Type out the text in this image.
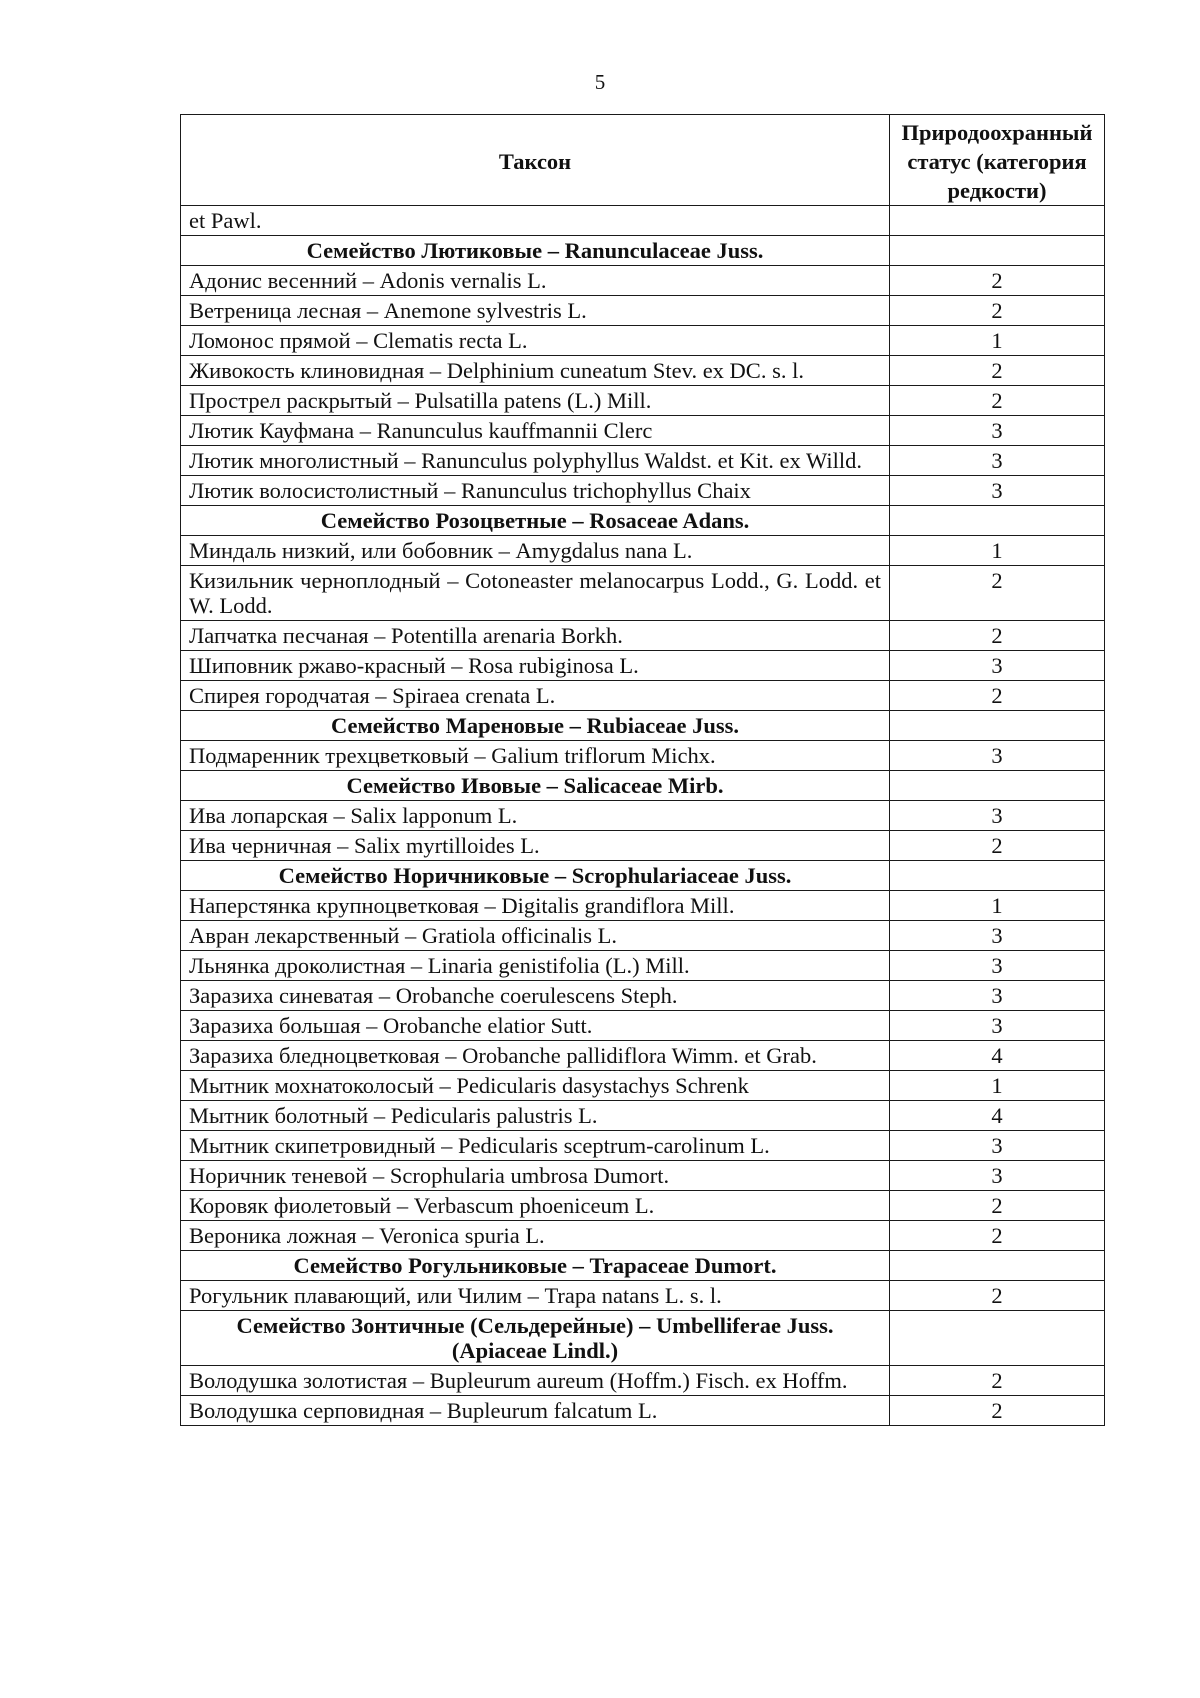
5
Таксон	Природоохранный статус (категория редкости)
et Pawl.	
Семейство Лютиковые – Ranunculaceae Juss.	
Адонис весенний – Adonis vernalis L.	2
Ветреница лесная – Anemone sylvestris L.	2
Ломонос прямой – Clematis recta L.	1
Живокость клиновидная – Delphinium cuneatum Stev. ex DC. s. l.	2
Прострел раскрытый – Pulsatilla patens (L.) Mill.	2
Лютик Кауфмана – Ranunculus kauffmannii Clerc	3
Лютик многолистный – Ranunculus polyphyllus Waldst. et Kit. ex Willd.	3
Лютик волосистолистный – Ranunculus trichophyllus Chaix	3
Семейство Розоцветные – Rosaceae Adans.	
Миндаль низкий, или бобовник – Amygdalus nana L.	1
Кизильник черноплодный – Cotoneaster melanocarpus Lodd., G. Lodd. et W. Lodd.	2
Лапчатка песчаная – Potentilla arenaria Borkh.	2
Шиповник ржаво-красный – Rosa rubiginosa L.	3
Спирея городчатая – Spiraea crenata L.	2
Семейство Мареновые – Rubiaceae Juss.	
Подмаренник трехцветковый – Galium triflorum Michx.	3
Семейство Ивовые – Salicaceae Mirb.	
Ива лопарская – Salix lapponum L.	3
Ива черничная – Salix myrtilloides L.	2
Семейство Норичниковые – Scrophulariaceae Juss.	
Наперстянка крупноцветковая – Digitalis grandiflora Mill.	1
Авран лекарственный – Gratiola officinalis L.	3
Льнянка дроколистная – Linaria genistifolia (L.) Mill.	3
Заразиха синеватая – Orobanche coerulescens Steph.	3
Заразиха большая – Orobanche elatior Sutt.	3
Заразиха бледноцветковая – Orobanche pallidiflora Wimm. et Grab.	4
Мытник мохнатоколосый – Pedicularis dasystachys Schrenk	1
Мытник болотный – Pedicularis palustris L.	4
Мытник скипетровидный – Pedicularis sceptrum-carolinum L.	3
Норичник теневой – Scrophularia umbrosa Dumort.	3
Коровяк фиолетовый – Verbascum phoeniceum L.	2
Вероника ложная – Veronica spuria L.	2
Семейство Рогульниковые – Trapaceae Dumort.	
Рогульник плавающий, или Чилим – Trapa natans L. s. l.	2
Семейство Зонтичные (Сельдерейные) – Umbelliferae Juss. (Apiaceae Lindl.)	
Володушка золотистая – Bupleurum aureum (Hoffm.) Fisch. ex Hoffm.	2
Володушка серповидная – Bupleurum falcatum L.	2
